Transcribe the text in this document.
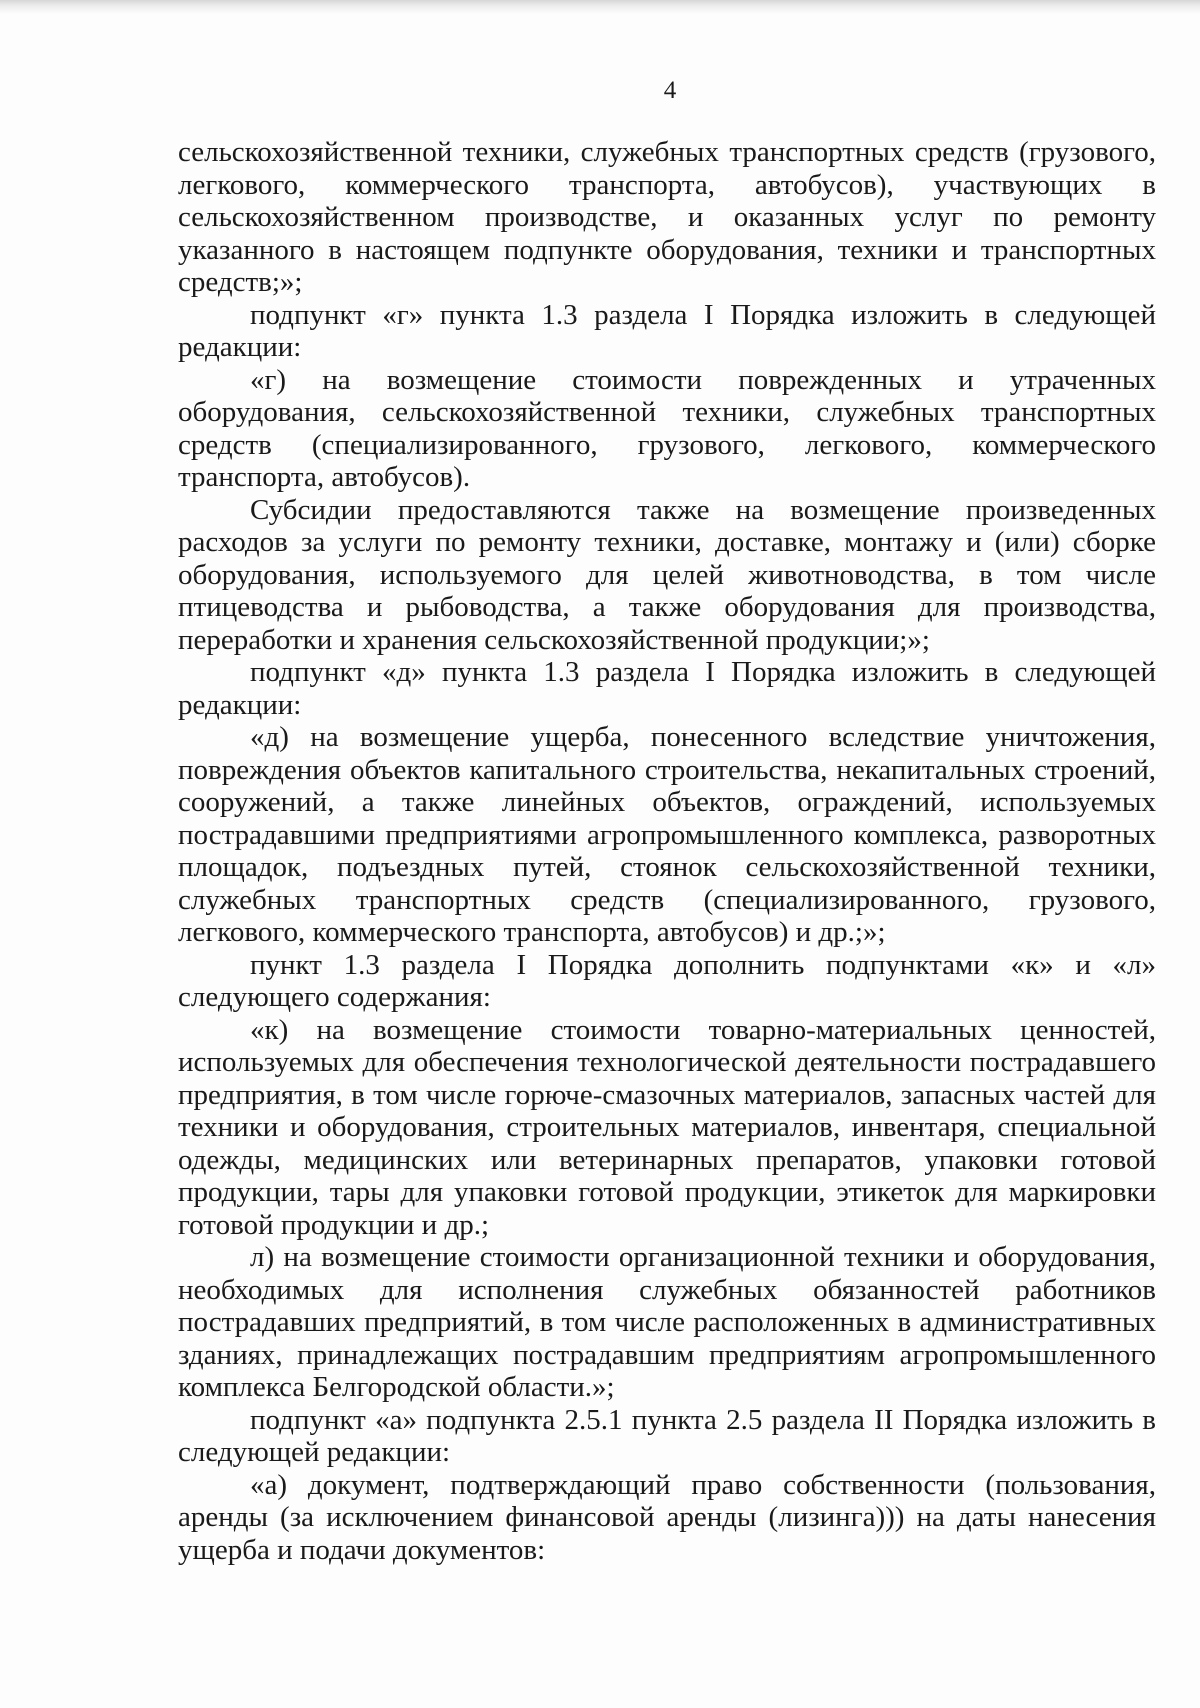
4

сельскохозяйственной техники, служебных транспортных средств (грузового, легкового, коммерческого транспорта, автобусов), участвующих в сельскохозяйственном производстве, и оказанных услуг по ремонту указанного в настоящем подпункте оборудования, техники и транспортных средств;»;

подпункт «г» пункта 1.3 раздела I Порядка изложить в следующей редакции:

«г) на возмещение стоимости поврежденных и утраченных оборудования, сельскохозяйственной техники, служебных транспортных средств (специализированного, грузового, легкового, коммерческого транспорта, автобусов).

Субсидии предоставляются также на возмещение произведенных расходов за услуги по ремонту техники, доставке, монтажу и (или) сборке оборудования, используемого для целей животноводства, в том числе птицеводства и рыбоводства, а также оборудования для производства, переработки и хранения сельскохозяйственной продукции;»;

подпункт «д» пункта 1.3 раздела I Порядка изложить в следующей редакции:

«д) на возмещение ущерба, понесенного вследствие уничтожения, повреждения объектов капитального строительства, некапитальных строений, сооружений, а также линейных объектов, ограждений, используемых пострадавшими предприятиями агропромышленного комплекса, разворотных площадок, подъездных путей, стоянок сельскохозяйственной техники, служебных транспортных средств (специализированного, грузового, легкового, коммерческого транспорта, автобусов) и др.;»;

пункт 1.3 раздела I Порядка дополнить подпунктами «к» и «л» следующего содержания:

«к) на возмещение стоимости товарно-материальных ценностей, используемых для обеспечения технологической деятельности пострадавшего предприятия, в том числе горюче-смазочных материалов, запасных частей для техники и оборудования, строительных материалов, инвентаря, специальной одежды, медицинских или ветеринарных препаратов, упаковки готовой продукции, тары для упаковки готовой продукции, этикеток для маркировки готовой продукции и др.;

л) на возмещение стоимости организационной техники и оборудования, необходимых для исполнения служебных обязанностей работников пострадавших предприятий, в том числе расположенных в административных зданиях, принадлежащих пострадавшим предприятиям агропромышленного комплекса Белгородской области.»;

подпункт «а» подпункта 2.5.1 пункта 2.5 раздела II Порядка изложить в следующей редакции:

«а) документ, подтверждающий право собственности (пользования, аренды (за исключением финансовой аренды (лизинга))) на даты нанесения ущерба и подачи документов:
